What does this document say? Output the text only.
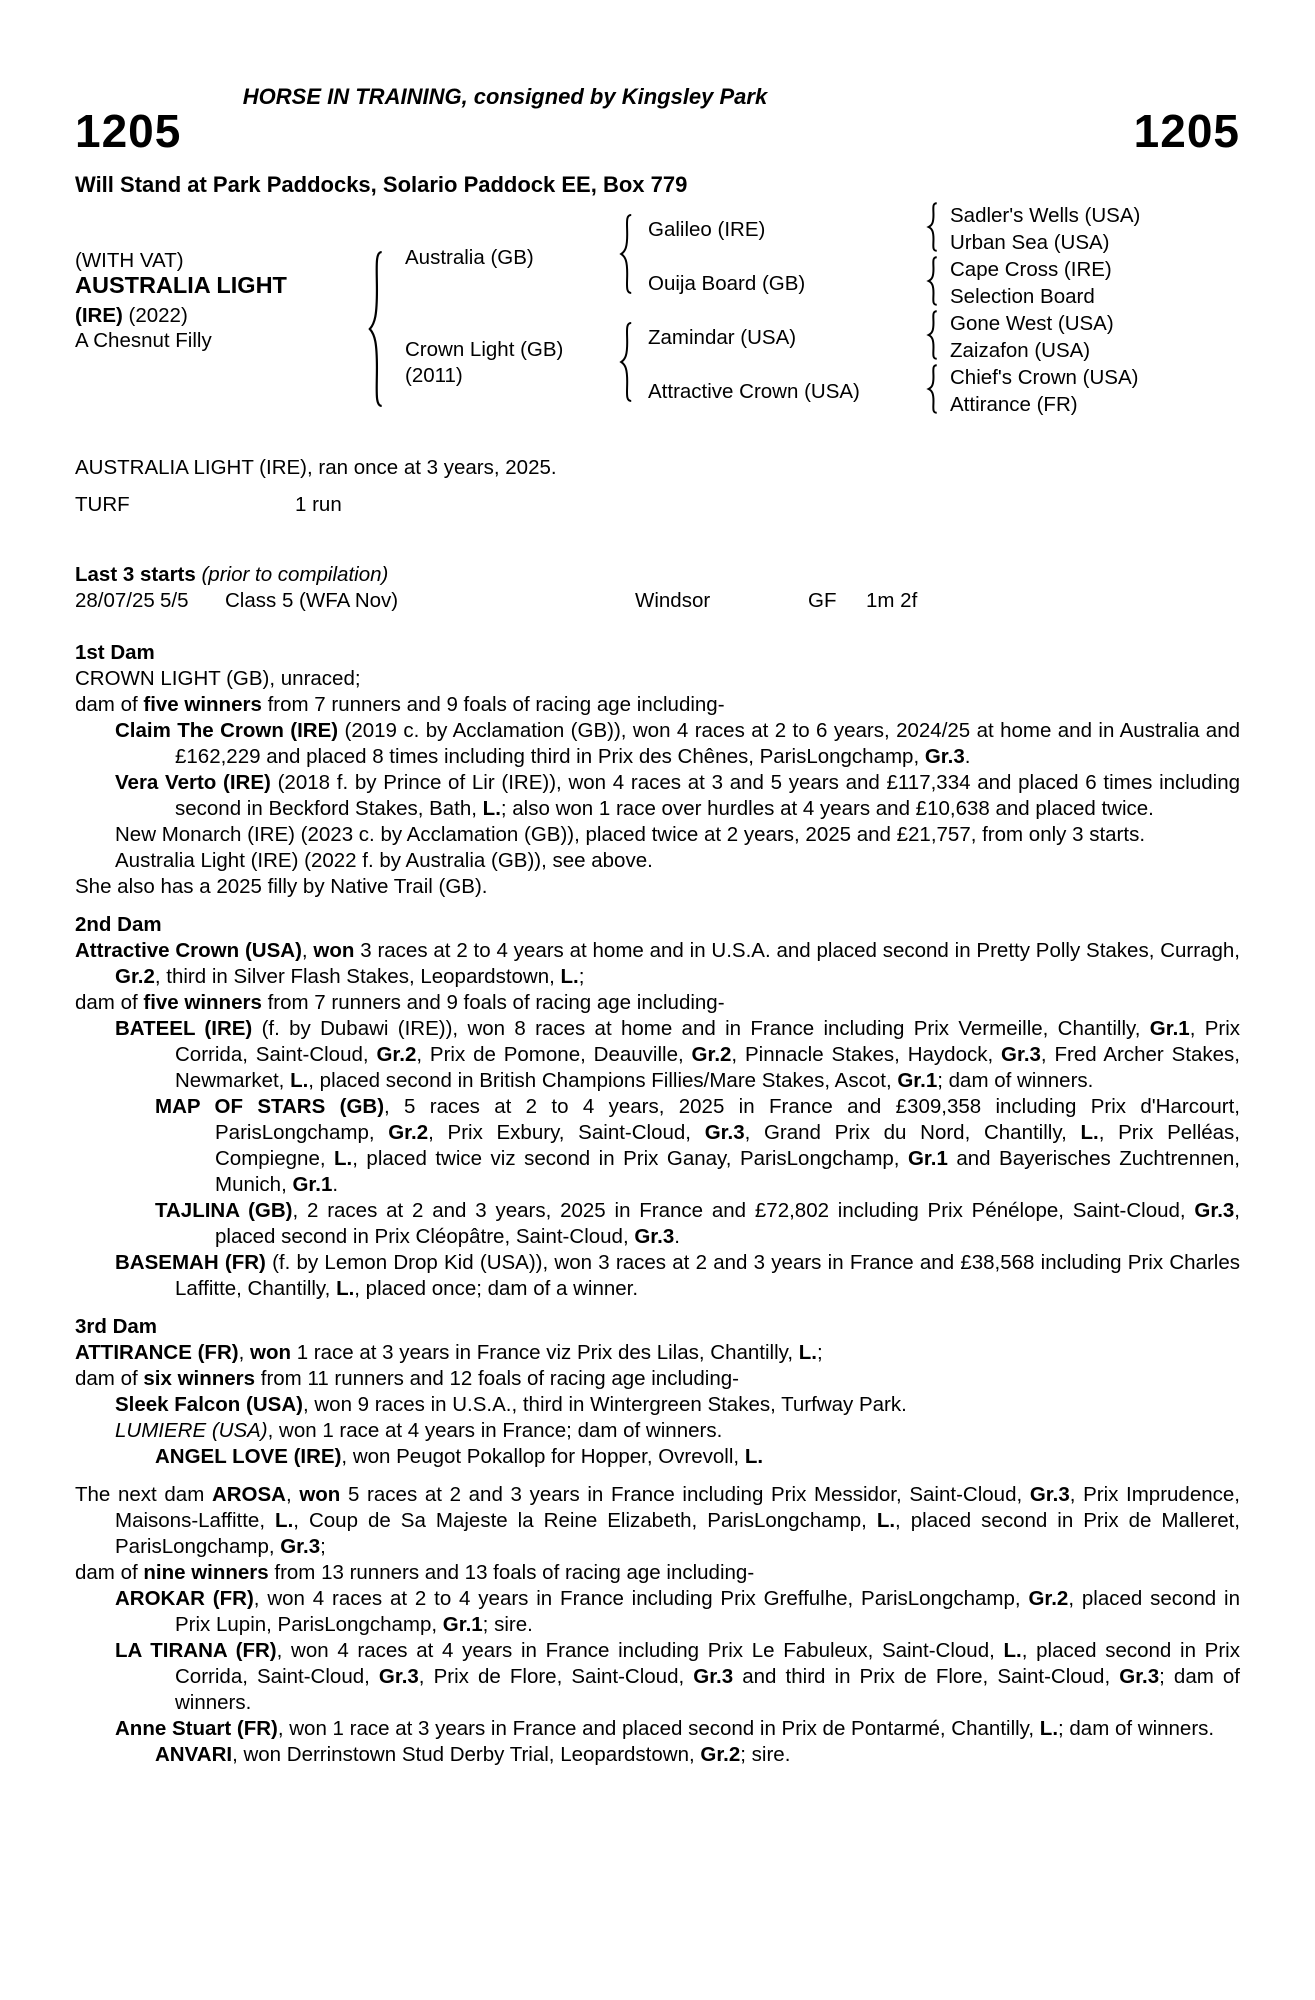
HORSE IN TRAINING, consigned by Kingsley Park
1205	1205
Will Stand at Park Paddocks, Solario Paddock EE, Box 779
(WITH VAT)
AUSTRALIA LIGHT
(IRE) (2022)
A Chesnut Filly
Australia (GB)
Crown Light (GB)
(2011)
Galileo (IRE)
Ouija Board (GB)
Zamindar (USA)
Attractive Crown (USA)
Sadler's Wells (USA)
Urban Sea (USA)
Cape Cross (IRE)
Selection Board
Gone West (USA)
Zaizafon (USA)
Chief's Crown (USA)
Attirance (FR)
AUSTRALIA LIGHT (IRE), ran once at 3 years, 2025.
TURF	1 run
Last 3 starts (prior to compilation)
28/07/25 5/5 Class 5 (WFA Nov)	Windsor	GF 1m 2f
1st Dam
CROWN LIGHT (GB), unraced;
dam of five winners from 7 runners and 9 foals of racing age including-
Claim The Crown (IRE) (2019 c. by Acclamation (GB)), won 4 races at 2 to 6 years, 2024/25 at home and in Australia and £162,229 and placed 8 times including third in Prix des Chênes, ParisLongchamp, Gr.3.
Vera Verto (IRE) (2018 f. by Prince of Lir (IRE)), won 4 races at 3 and 5 years and £117,334 and placed 6 times including second in Beckford Stakes, Bath, L.; also won 1 race over hurdles at 4 years and £10,638 and placed twice.
New Monarch (IRE) (2023 c. by Acclamation (GB)), placed twice at 2 years, 2025 and £21,757, from only 3 starts.
Australia Light (IRE) (2022 f. by Australia (GB)), see above.
She also has a 2025 filly by Native Trail (GB).
2nd Dam
Attractive Crown (USA), won 3 races at 2 to 4 years at home and in U.S.A. and placed second in Pretty Polly Stakes, Curragh, Gr.2, third in Silver Flash Stakes, Leopardstown, L.;
dam of five winners from 7 runners and 9 foals of racing age including-
BATEEL (IRE) (f. by Dubawi (IRE)), won 8 races at home and in France including Prix Vermeille, Chantilly, Gr.1, Prix Corrida, Saint-Cloud, Gr.2, Prix de Pomone, Deauville, Gr.2, Pinnacle Stakes, Haydock, Gr.3, Fred Archer Stakes, Newmarket, L., placed second in British Champions Fillies/Mare Stakes, Ascot, Gr.1; dam of winners.
MAP OF STARS (GB), 5 races at 2 to 4 years, 2025 in France and £309,358 including Prix d'Harcourt, ParisLongchamp, Gr.2, Prix Exbury, Saint-Cloud, Gr.3, Grand Prix du Nord, Chantilly, L., Prix Pelléas, Compiegne, L., placed twice viz second in Prix Ganay, ParisLongchamp, Gr.1 and Bayerisches Zuchtrennen, Munich, Gr.1.
TAJLINA (GB), 2 races at 2 and 3 years, 2025 in France and £72,802 including Prix Pénélope, Saint-Cloud, Gr.3, placed second in Prix Cléopâtre, Saint-Cloud, Gr.3.
BASEMAH (FR) (f. by Lemon Drop Kid (USA)), won 3 races at 2 and 3 years in France and £38,568 including Prix Charles Laffitte, Chantilly, L., placed once; dam of a winner.
3rd Dam
ATTIRANCE (FR), won 1 race at 3 years in France viz Prix des Lilas, Chantilly, L.;
dam of six winners from 11 runners and 12 foals of racing age including-
Sleek Falcon (USA), won 9 races in U.S.A., third in Wintergreen Stakes, Turfway Park.
LUMIERE (USA), won 1 race at 4 years in France; dam of winners.
ANGEL LOVE (IRE), won Peugot Pokallop for Hopper, Ovrevoll, L.
The next dam AROSA, won 5 races at 2 and 3 years in France including Prix Messidor, Saint-Cloud, Gr.3, Prix Imprudence, Maisons-Laffitte, L., Coup de Sa Majeste la Reine Elizabeth, ParisLongchamp, L., placed second in Prix de Malleret, ParisLongchamp, Gr.3;
dam of nine winners from 13 runners and 13 foals of racing age including-
AROKAR (FR), won 4 races at 2 to 4 years in France including Prix Greffulhe, ParisLongchamp, Gr.2, placed second in Prix Lupin, ParisLongchamp, Gr.1; sire.
LA TIRANA (FR), won 4 races at 4 years in France including Prix Le Fabuleux, Saint-Cloud, L., placed second in Prix Corrida, Saint-Cloud, Gr.3, Prix de Flore, Saint-Cloud, Gr.3 and third in Prix de Flore, Saint-Cloud, Gr.3; dam of winners.
Anne Stuart (FR), won 1 race at 3 years in France and placed second in Prix de Pontarmé, Chantilly, L.; dam of winners.
ANVARI, won Derrinstown Stud Derby Trial, Leopardstown, Gr.2; sire.
